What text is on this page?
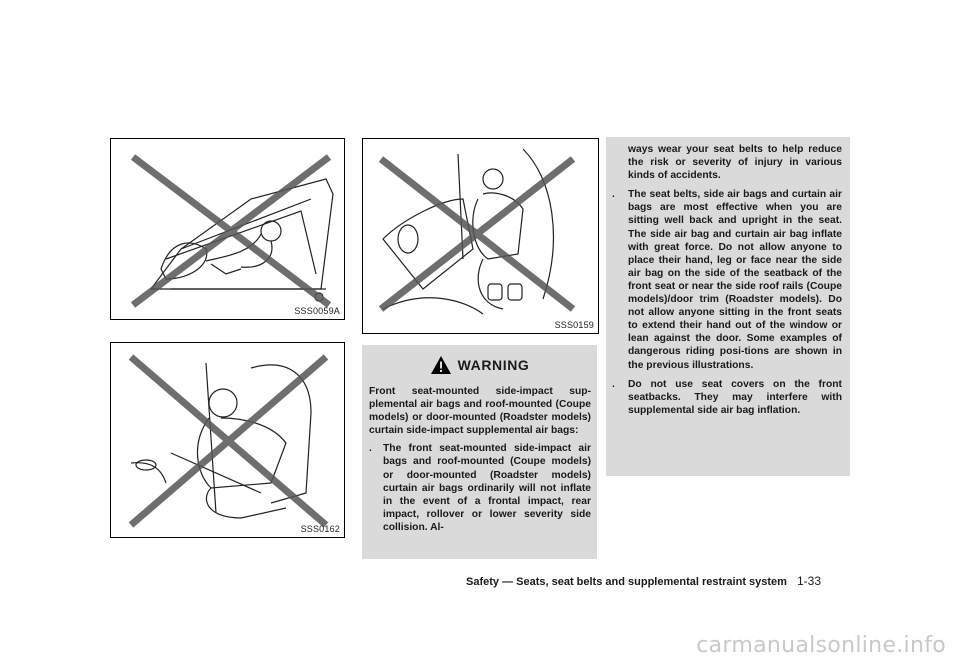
SSS0059A
SSS0162
SSS0159
WARNING

Front seat-mounted side-impact sup-plemental air bags and roof-mounted (Coupe models) or door-mounted (Roadster models) curtain side-impact supplemental air bags:

.	The front seat-mounted side-impact air bags and roof-mounted (Coupe models) or door-mounted (Roadster models) curtain air bags ordinarily will not inflate in the event of a frontal impact, rear impact, rollover or lower severity side collision. Al-
ways wear your seat belts to help reduce the risk or severity of injury in various kinds of accidents.
.	The seat belts, side air bags and curtain air bags are most effective when you are sitting well back and upright in the seat. The side air bag and curtain air bag inflate with great force. Do not allow anyone to place their hand, leg or face near the side air bag on the side of the seatback of the front seat or near the side roof rails (Coupe models)/door trim (Roadster models). Do not allow anyone sitting in the front seats to extend their hand out of the window or lean against the door. Some examples of dangerous riding posi-tions are shown in the previous illustrations.
.	Do not use seat covers on the front seatbacks. They may interfere with supplemental side air bag inflation.
Safety — Seats, seat belts and supplemental restraint system 1-33
carmanualsonline.info
